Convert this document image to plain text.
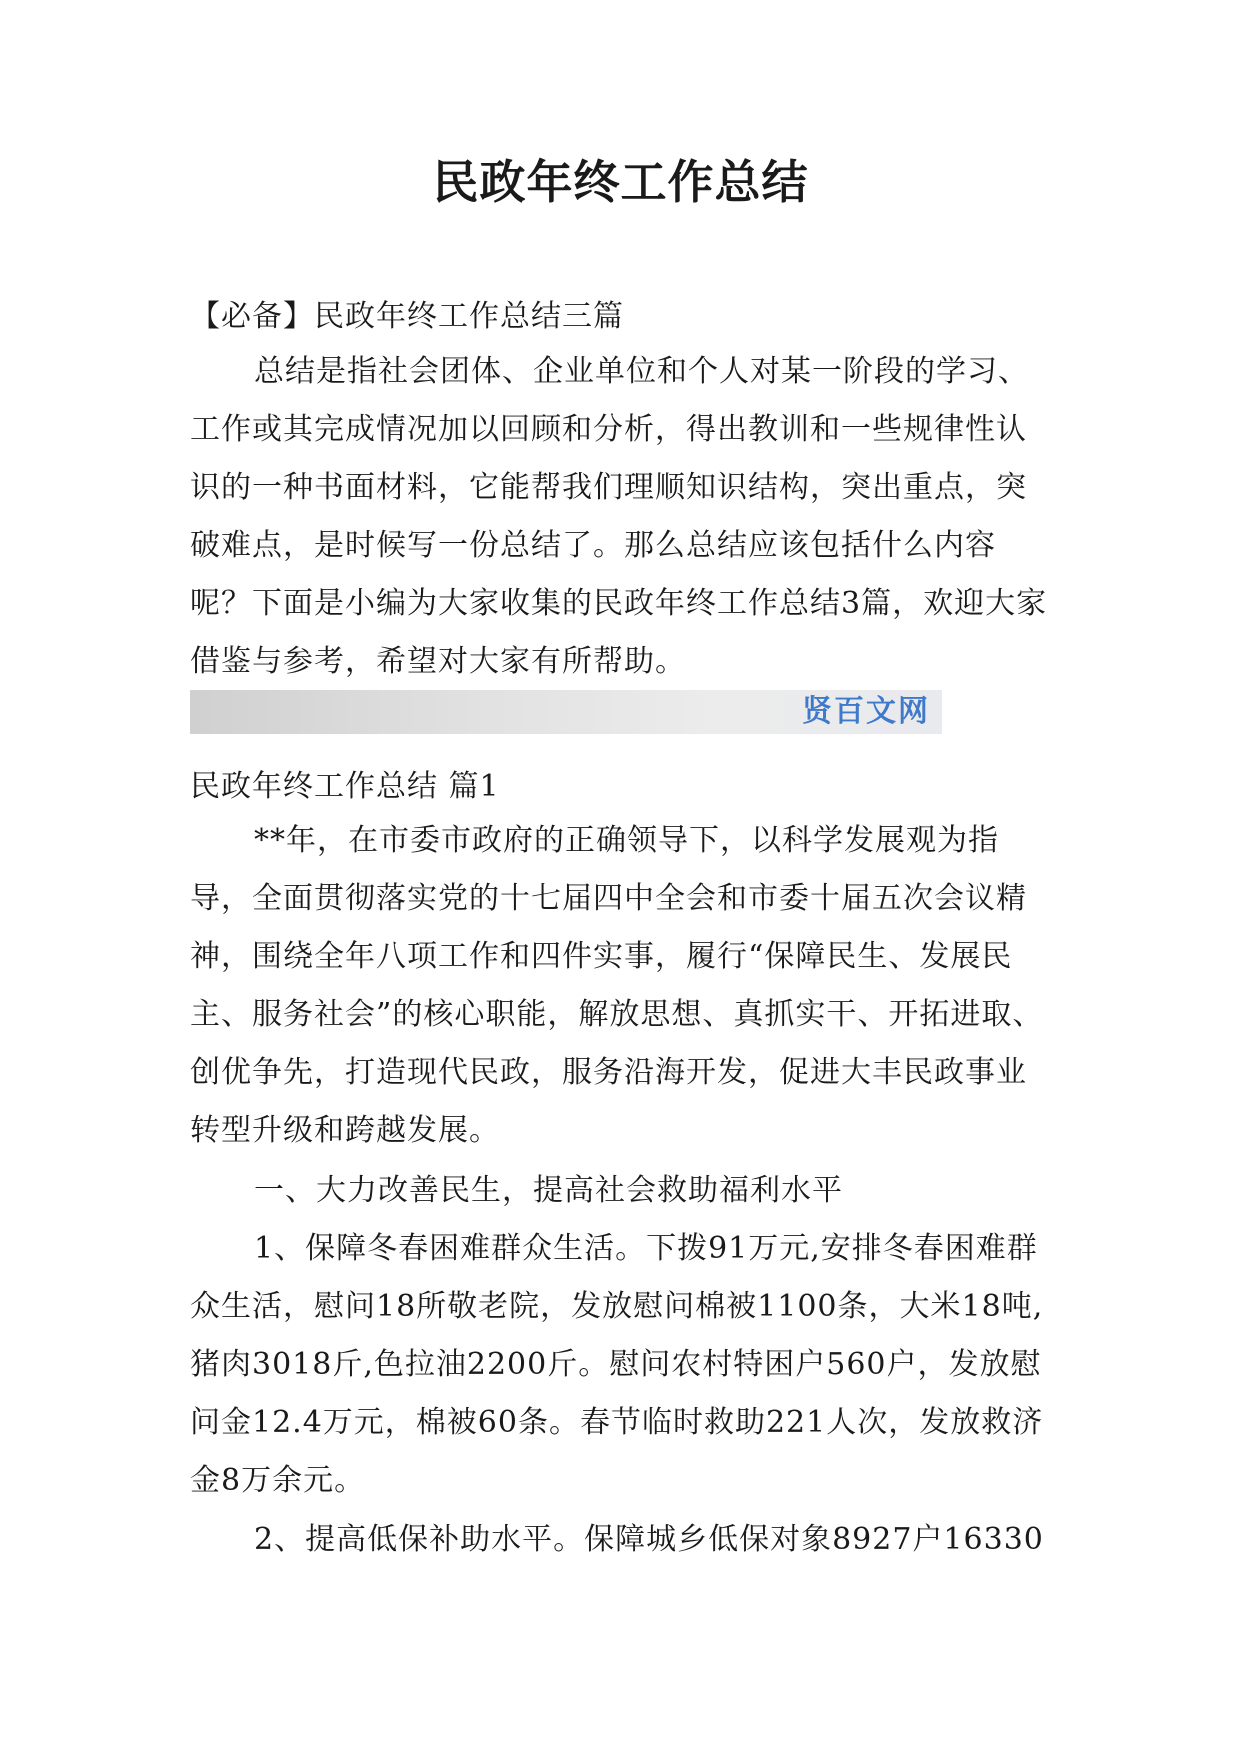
民政年终工作总结

【必备】民政年终工作总结三篇

总结是指社会团体、企业单位和个人对某一阶段的学习、工作或其完成情况加以回顾和分析，得出教训和一些规律性认识的一种书面材料，它能帮我们理顺知识结构，突出重点，突破难点，是时候写一份总结了。那么总结应该包括什么内容呢？下面是小编为大家收集的民政年终工作总结3篇，欢迎大家借鉴与参考，希望对大家有所帮助。

贤百文网

民政年终工作总结 篇1

**年，在市委市政府的正确领导下，以科学发展观为指导，全面贯彻落实党的十七届四中全会和市委十届五次会议精神，围绕全年八项工作和四件实事，履行“保障民生、发展民主、服务社会”的核心职能，解放思想、真抓实干、开拓进取、创优争先，打造现代民政，服务沿海开发，促进大丰民政事业转型升级和跨越发展。

一、大力改善民生，提高社会救助福利水平

1、保障冬春困难群众生活。下拨91万元,安排冬春困难群众生活，慰问18所敬老院，发放慰问棉被1100条，大米18吨,猪肉3018斤,色拉油2200斤。慰问农村特困户560户，发放慰问金12.4万元，棉被60条。春节临时救助221人次，发放救济金8万余元。

2、提高低保补助水平。保障城乡低保对象8927户16330
